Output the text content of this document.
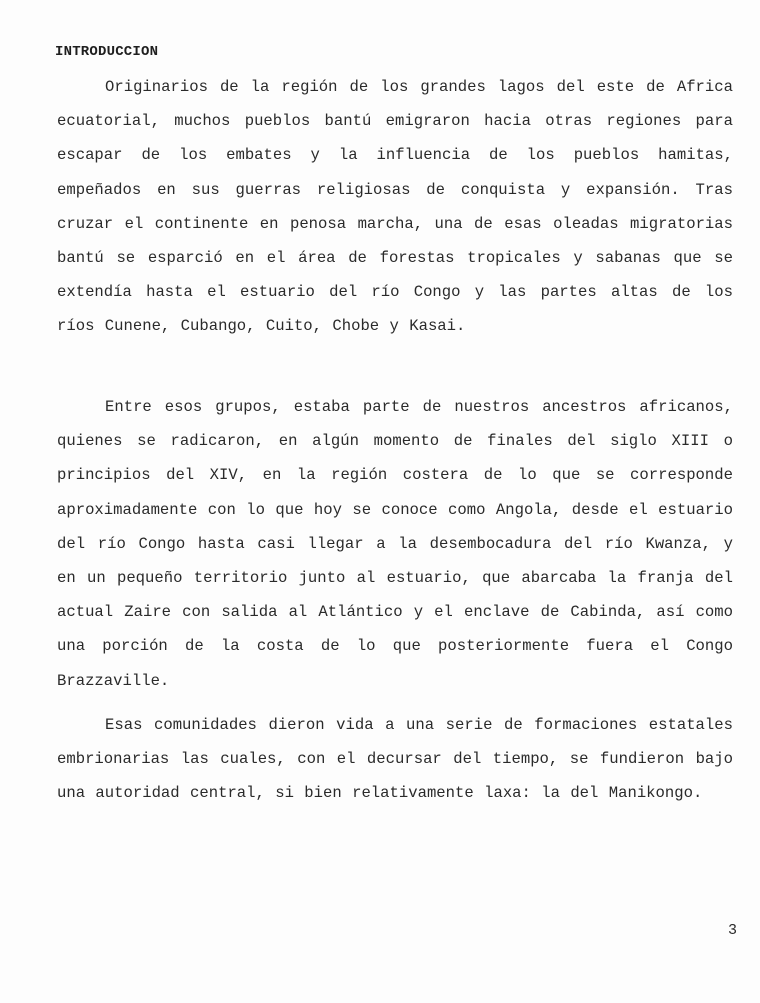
INTRODUCCION

Originarios de la región de los grandes lagos del este de Africa ecuatorial, muchos pueblos bantú emigraron hacia otras regiones para escapar de los embates y la influencia de los pueblos hamitas, empeñados en sus guerras religiosas de conquista y expansión. Tras cruzar el continente en penosa marcha, una de esas oleadas migratorias bantú se esparció en el área de forestas tropicales y sabanas que se extendía hasta el estuario del río Congo y las partes altas de los ríos Cunene, Cubango, Cuito, Chobe y Kasai.

Entre esos grupos, estaba parte de nuestros ancestros africanos, quienes se radicaron, en algún momento de finales del siglo XIII o principios del XIV, en la región costera de lo que se corresponde aproximadamente con lo que hoy se conoce como Angola, desde el estuario del río Congo hasta casi llegar a la desembocadura del río Kwanza, y en un pequeño territorio junto al estuario, que abarcaba la franja del actual Zaire con salida al Atlántico y el enclave de Cabinda, así como una porción de la costa de lo que posteriormente fuera el Congo Brazzaville.

Esas comunidades dieron vida a una serie de formaciones estatales embrionarias las cuales, con el decursar del tiempo, se fundieron bajo una autoridad central, si bien relativamente laxa: la del Manikongo.

3
